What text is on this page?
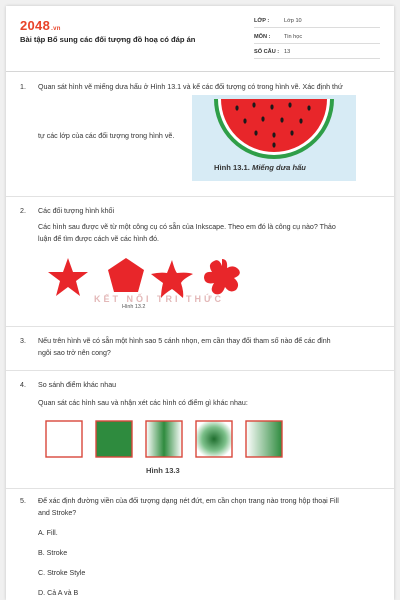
2048.vn
Bài tập Bổ sung các đối tượng đồ hoạ có đáp án
LỚP :	Lớp 10
MÔN : Tin học
SỐ CÂU : 13
1. Quan sát hình vẽ miếng dưa hấu ở Hình 13.1 và kể các đối tượng có trong hình vẽ. Xác định thứ
tự các lớp của các đối tượng trong hình vẽ.
Hình 13.1. Miếng dưa hấu
2. Các đối tượng hình khối
Các hình sau được vẽ từ một công cụ có sẵn của Inkscape. Theo em đó là công cụ nào? Thảo
luận để tìm được cách vẽ các hình đó.
KẾT NỐI TRI THỨC
Hình 13.2
3. Nếu trên hình vẽ có sẵn một hình sao 5 cánh nhọn, em cần thay đổi tham số nào để các đỉnh
ngôi sao trở nên cong?
4. So sánh điểm khác nhau
Quan sát các hình sau và nhận xét các hình có điểm gì khác nhau:
Hình 13.3
5. Để xác định đường viền của đối tượng dạng nét đứt, em cần chọn trang nào trong hộp thoại Fill
and Stroke?
A. Fill.
B. Stroke
C. Stroke Style
D. Cả A và B
